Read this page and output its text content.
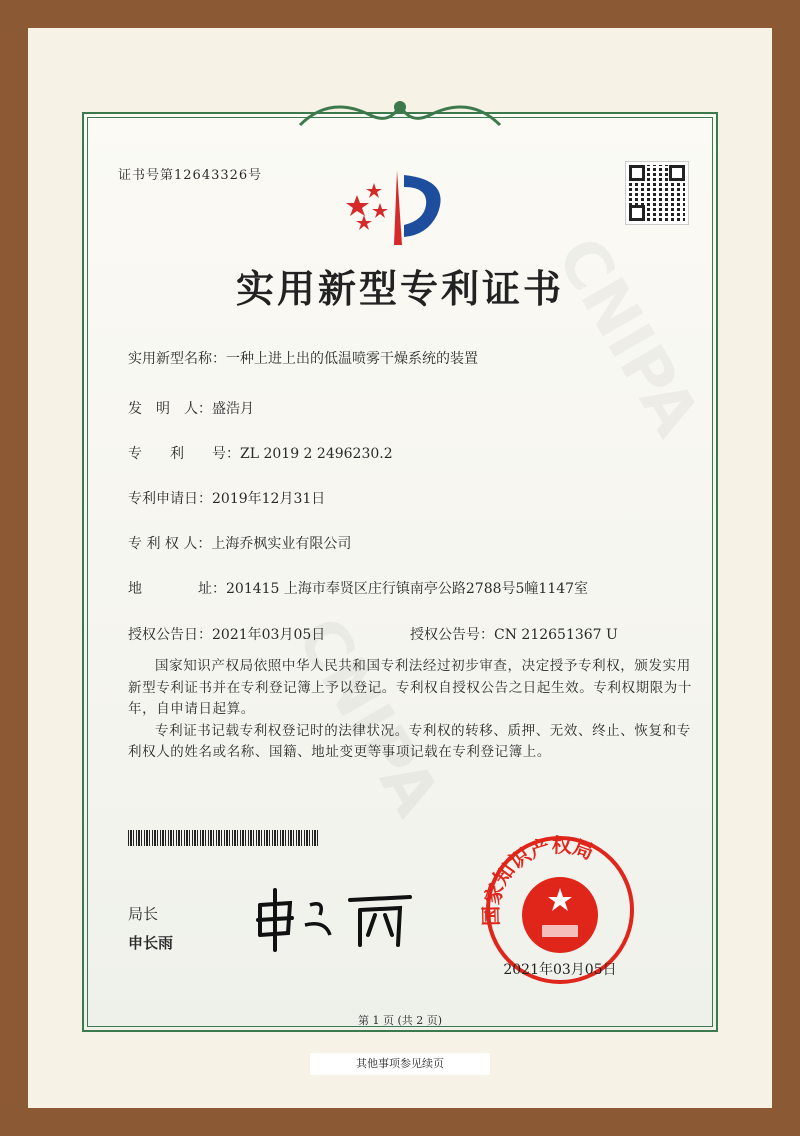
证书号第12643326号
实用新型专利证书
实用新型名称：一种上进上出的低温喷雾干燥系统的装置
发　明　人：盛浩月
专　　利　　号：ZL 2019 2 2496230.2
专利申请日：2019年12月31日
专 利 权 人：上海乔枫实业有限公司
地　　　　址：201415 上海市奉贤区庄行镇南亭公路2788号5幢1147室
授权公告日：2021年03月05日	授权公告号：CN 212651367 U

国家知识产权局依照中华人民共和国专利法经过初步审查，决定授予专利权，颁发实用新型专利证书并在专利登记簿上予以登记。专利权自授权公告之日起生效。专利权期限为十年，自申请日起算。

专利证书记载专利权登记时的法律状况。专利权的转移、质押、无效、终止、恢复和专利权人的姓名或名称、国籍、地址变更等事项记载在专利登记簿上。

局长
申长雨
国家知识产权局
2021年03月05日
第 1 页 (共 2 页)
其他事项参见续页
